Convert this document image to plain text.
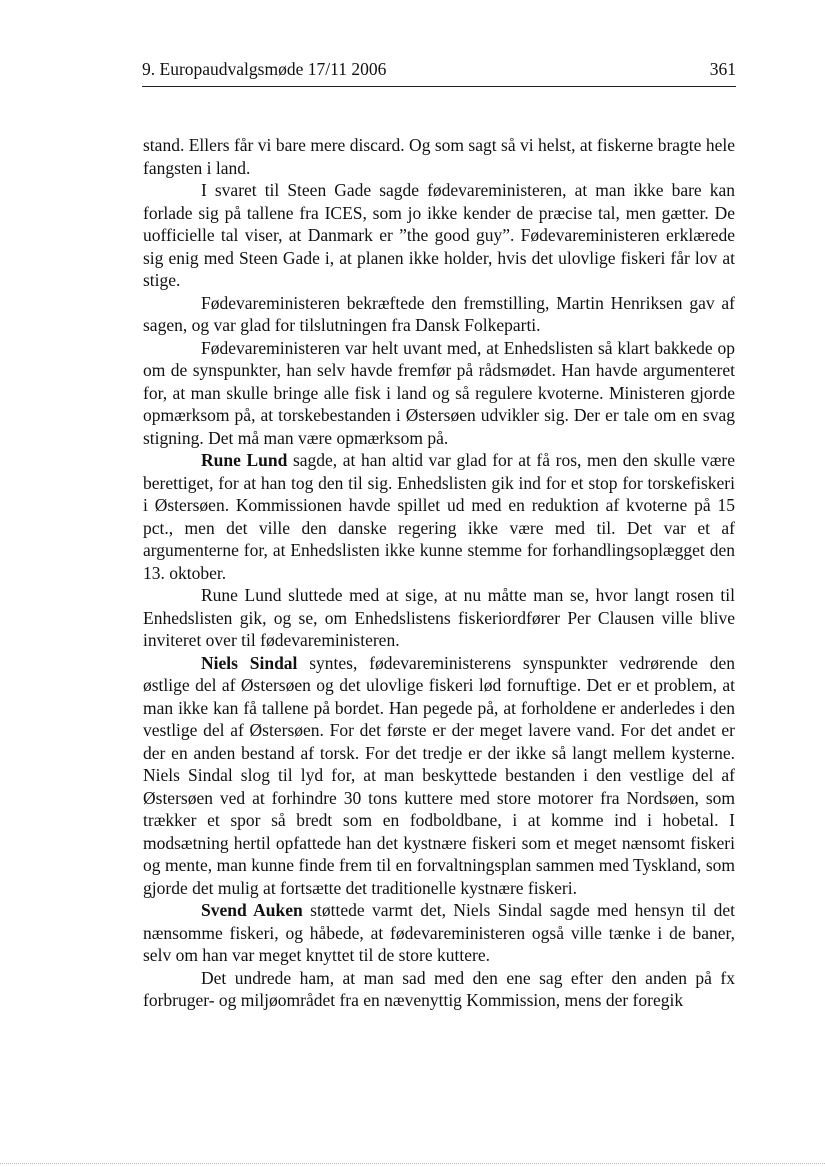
9. Europaudvalgsmøde 17/11 2006	361

stand. Ellers får vi bare mere discard. Og som sagt så vi helst, at fiskerne bragte hele fangsten i land.

I svaret til Steen Gade sagde fødevareministeren, at man ikke bare kan forlade sig på tallene fra ICES, som jo ikke kender de præcise tal, men gætter. De uofficielle tal viser, at Danmark er ”the good guy”. Fødevareministeren erklærede sig enig med Steen Gade i, at planen ikke holder, hvis det ulovlige fiskeri får lov at stige.

Fødevareministeren bekræftede den fremstilling, Martin Henriksen gav af sagen, og var glad for tilslutningen fra Dansk Folkeparti.

Fødevareministeren var helt uvant med, at Enhedslisten så klart bakkede op om de synspunkter, han selv havde fremfør på rådsmødet. Han havde argumenteret for, at man skulle bringe alle fisk i land og så regulere kvoterne. Ministeren gjorde opmærksom på, at torskebestanden i Østersøen udvikler sig. Der er tale om en svag stigning. Det må man være opmærksom på.

Rune Lund sagde, at han altid var glad for at få ros, men den skulle være berettiget, for at han tog den til sig. Enhedslisten gik ind for et stop for torskefiskeri i Østersøen. Kommissionen havde spillet ud med en reduktion af kvoterne på 15 pct., men det ville den danske regering ikke være med til. Det var et af argumenterne for, at Enhedslisten ikke kunne stemme for forhandlingsoplægget den 13. oktober.

Rune Lund sluttede med at sige, at nu måtte man se, hvor langt rosen til Enhedslisten gik, og se, om Enhedslistens fiskeriordfører Per Clausen ville blive inviteret over til fødevareministeren.

Niels Sindal syntes, fødevareministerens synspunkter vedrørende den østlige del af Østersøen og det ulovlige fiskeri lød fornuftige. Det er et problem, at man ikke kan få tallene på bordet. Han pegede på, at forholdene er anderledes i den vestlige del af Østersøen. For det første er der meget lavere vand. For det andet er der en anden bestand af torsk. For det tredje er der ikke så langt mellem kysterne. Niels Sindal slog til lyd for, at man beskyttede bestanden i den vestlige del af Østersøen ved at forhindre 30 tons kuttere med store motorer fra Nordsøen, som trækker et spor så bredt som en fodboldbane, i at komme ind i hobetal. I modsætning hertil opfattede han det kystnære fiskeri som et meget nænsomt fiskeri og mente, man kunne finde frem til en forvaltningsplan sammen med Tyskland, som gjorde det mulig at fortsætte det traditionelle kystnære fiskeri.

Svend Auken støttede varmt det, Niels Sindal sagde med hensyn til det nænsomme fiskeri, og håbede, at fødevareministeren også ville tænke i de baner, selv om han var meget knyttet til de store kuttere.

Det undrede ham, at man sad med den ene sag efter den anden på fx forbruger- og miljøområdet fra en nævenyttig Kommission, mens der foregik
